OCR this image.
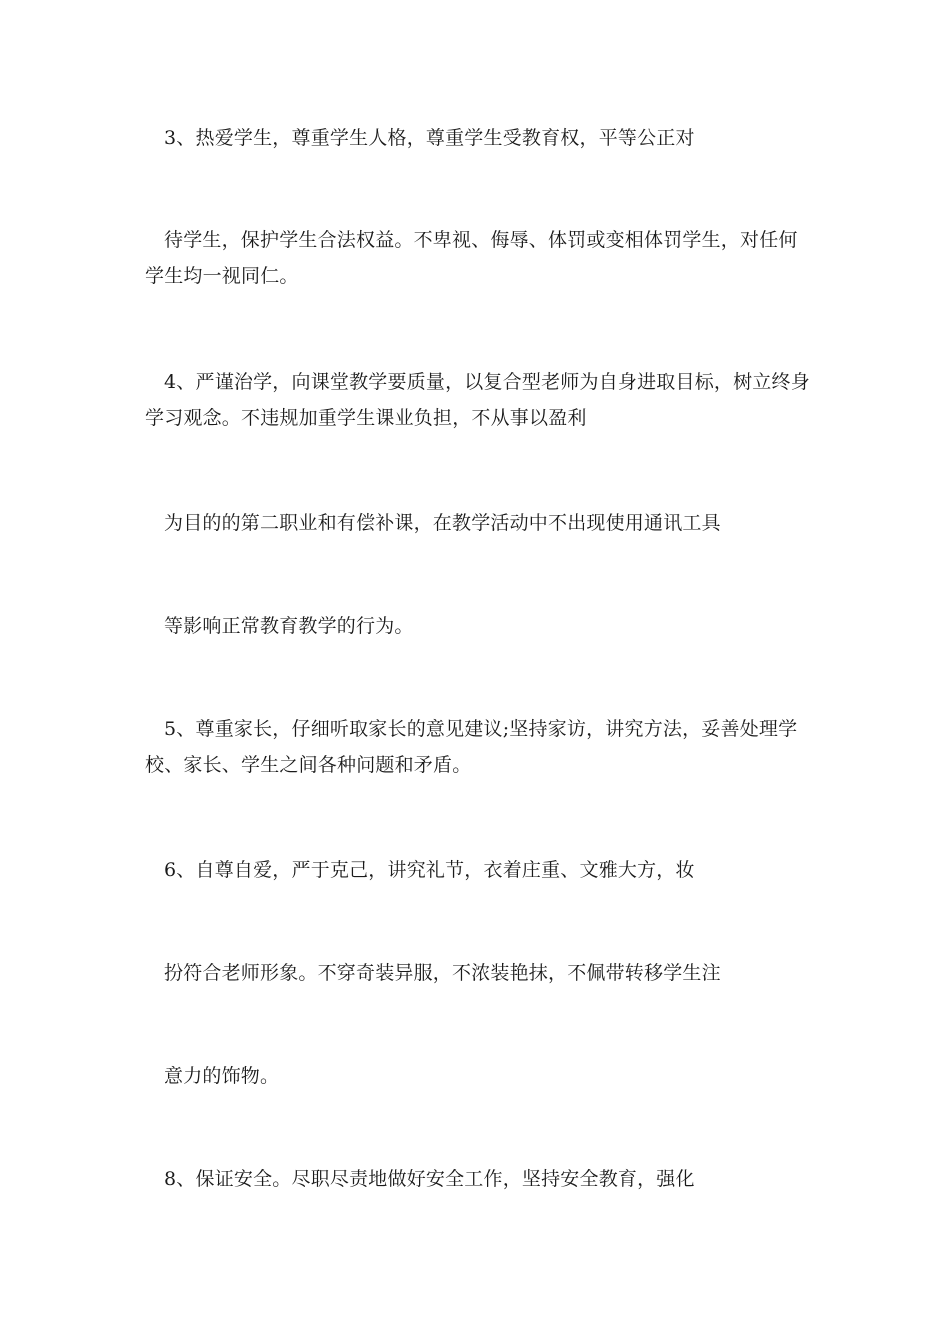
3、热爱学生，尊重学生人格，尊重学生受教育权，平等公正对
待学生，保护学生合法权益。不卑视、侮辱、体罚或变相体罚学生，对任何
学生均一视同仁。
4、严谨治学，向课堂教学要质量，以复合型老师为自身进取目标，树立终身
学习观念。不违规加重学生课业负担，不从事以盈利
为目的的第二职业和有偿补课，在教学活动中不出现使用通讯工具
等影响正常教育教学的行为。
5、尊重家长，仔细听取家长的意见建议;坚持家访，讲究方法，妥善处理学
校、家长、学生之间各种问题和矛盾。
6、自尊自爱，严于克己，讲究礼节，衣着庄重、文雅大方，妆
扮符合老师形象。不穿奇装异服，不浓装艳抹，不佩带转移学生注
意力的饰物。
8、保证安全。尽职尽责地做好安全工作，坚持安全教育，强化
